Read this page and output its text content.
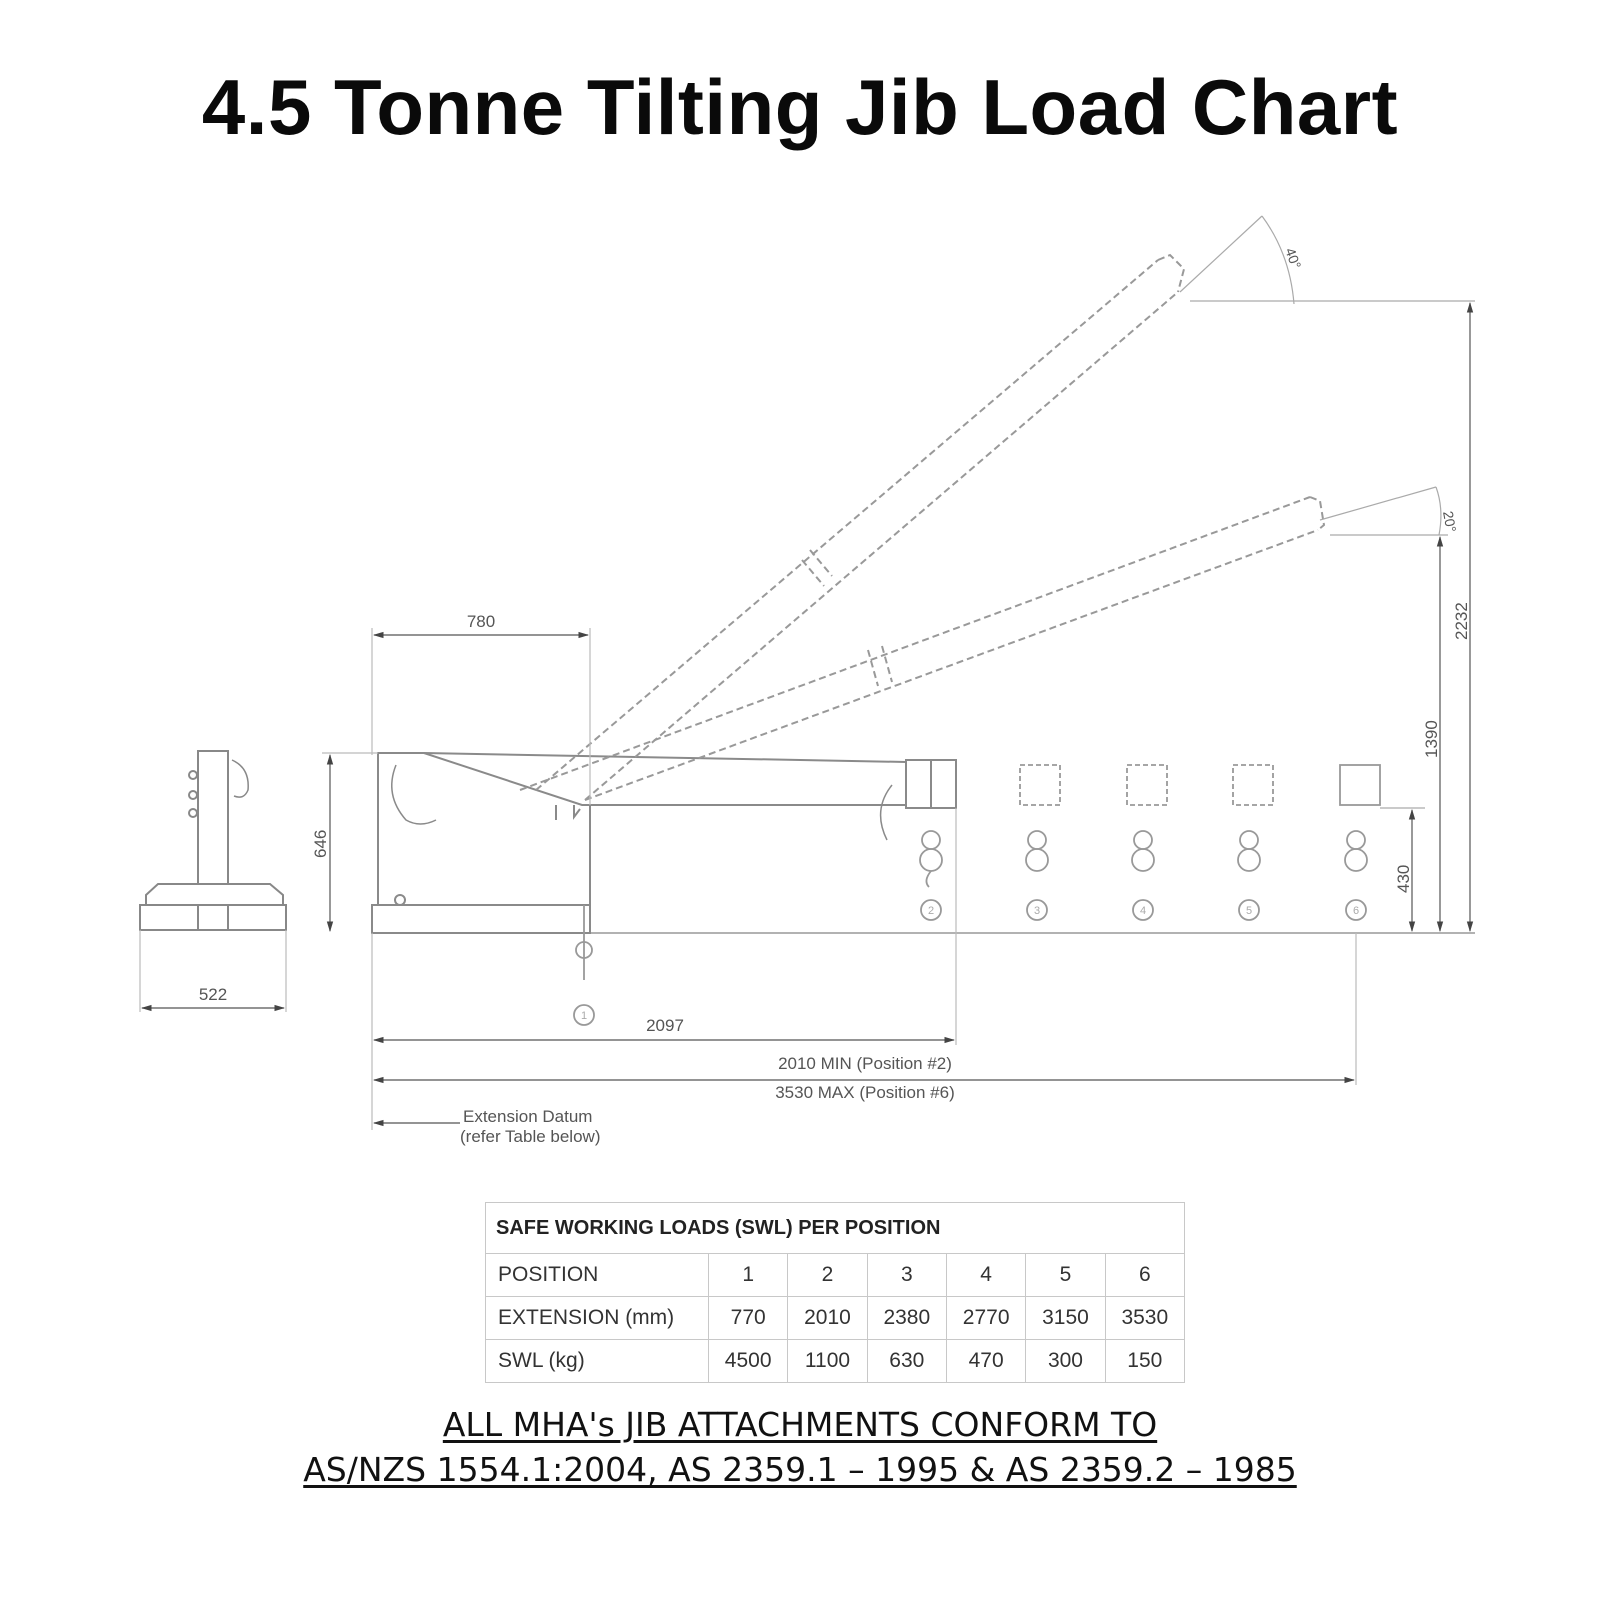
4.5 Tonne Tilting Jib Load Chart
40°
20°
1
2	3	4	5	6
780
646
522
2097
2010 MIN (Position #2)
3530 MAX (Position #6)
Extension Datum
(refer Table below)
2232
1390
430
SAFE WORKING LOADS (SWL) PER POSITION						
POSITION	1	2	3	4	5	6
EXTENSION (mm)	770	2010	2380	2770	3150	3530
SWL (kg)	4500	1100	630	470	300	150
ALL MHA's JIB ATTACHMENTS CONFORM TO
AS/NZS 1554.1:2004, AS 2359.1 – 1995 & AS 2359.2 – 1985
